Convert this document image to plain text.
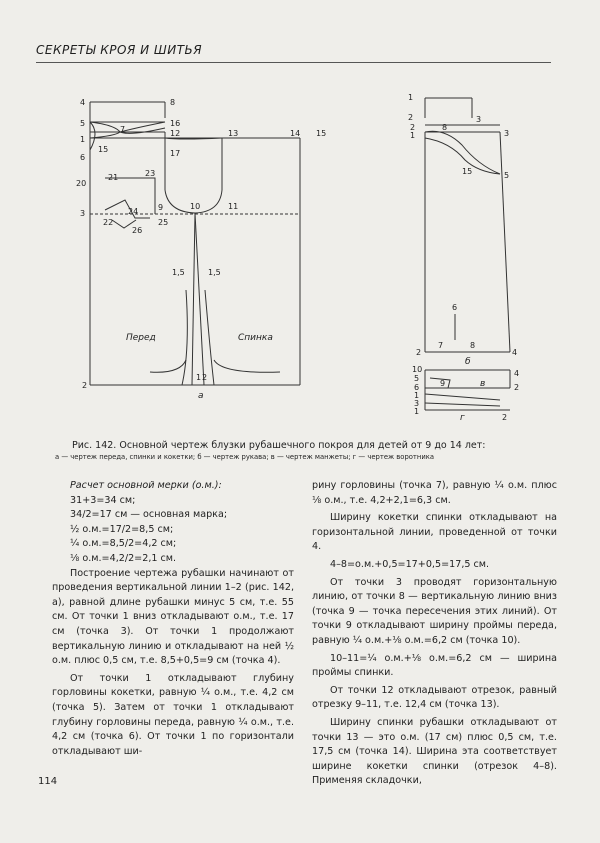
СЕКРЕТЫ КРОЯ И ШИТЬЯ
4
5
1
6
20
3
2
8
16
12
17
7
15
13	14 15
21	23
24
22	25
26
9	10	11
1,5	1,5
1 2
Перед	Спинка
а
1
2
2
1
3
8
3
5
15
6
7	8
2	4
б
10
5
6
1
3
1
9
4
2
в
2
г
Рис. 142. Основной чертеж блузки рубашечного покроя для детей от 9 до 14 лет:
а — чертеж переда, спинки и кокетки; б — чертеж рукава; в — чертеж манжеты; г — чертеж воротника
Расчет основной мерки (о.м.):
31+3=34 см;
34/2=17 см — основная марка;
½ о.м.=17/2=8,5 см;
¼ о.м.=8,5/2=4,2 см;
⅛ о.м.=4,2/2=2,1 см.

Построение чертежа рубашки начинают от проведения вертикальной линии 1–2 (рис. 142, а), равной длине рубашки минус 5 см, т.е. 55 см. От точки 1 вниз откладывают о.м., т.е. 17 см (точка 3). От точки 1 продолжают вертикальную линию и откладывают на ней ½ о.м. плюс 0,5 см, т.е. 8,5+0,5=9 см (точка 4).

От точки 1 откладывают глубину горловины кокетки, равную ¼ о.м., т.е. 4,2 см (точка 5). Затем от точки 1 откладывают глубину горловины переда, равную ¼ о.м., т.е. 4,2 см (точка 6). От точки 1 по горизонтали откладывают ши-

рину горловины (точка 7), равную ¼ о.м. плюс ⅛ о.м., т.е. 4,2+2,1=6,3 см.

Ширину кокетки спинки откладывают на горизонтальной линии, проведенной от точки 4.

4–8=о.м.+0,5=17+0,5=17,5 см.

От точки 3 проводят горизонтальную линию, от точки 8 — вертикальную линию вниз (точка 9 — точка пересечения этих линий). От точки 9 откладывают ширину проймы переда, равную ¼ о.м.+⅛ о.м.=6,2 см (точка 10).

10–11=¼ о.м.+⅛ о.м.=6,2 см — ширина проймы спинки.

От точки 12 откладывают отрезок, равный отрезку 9–11, т.е. 12,4 см (точка 13).

Ширину спинки рубашки откладывают от точки 13 — это о.м. (17 см) плюс 0,5 см, т.е. 17,5 см (точка 14). Ширина эта соответствует ширине кокетки спинки (отрезок 4–8). Применяя складочки,

114
